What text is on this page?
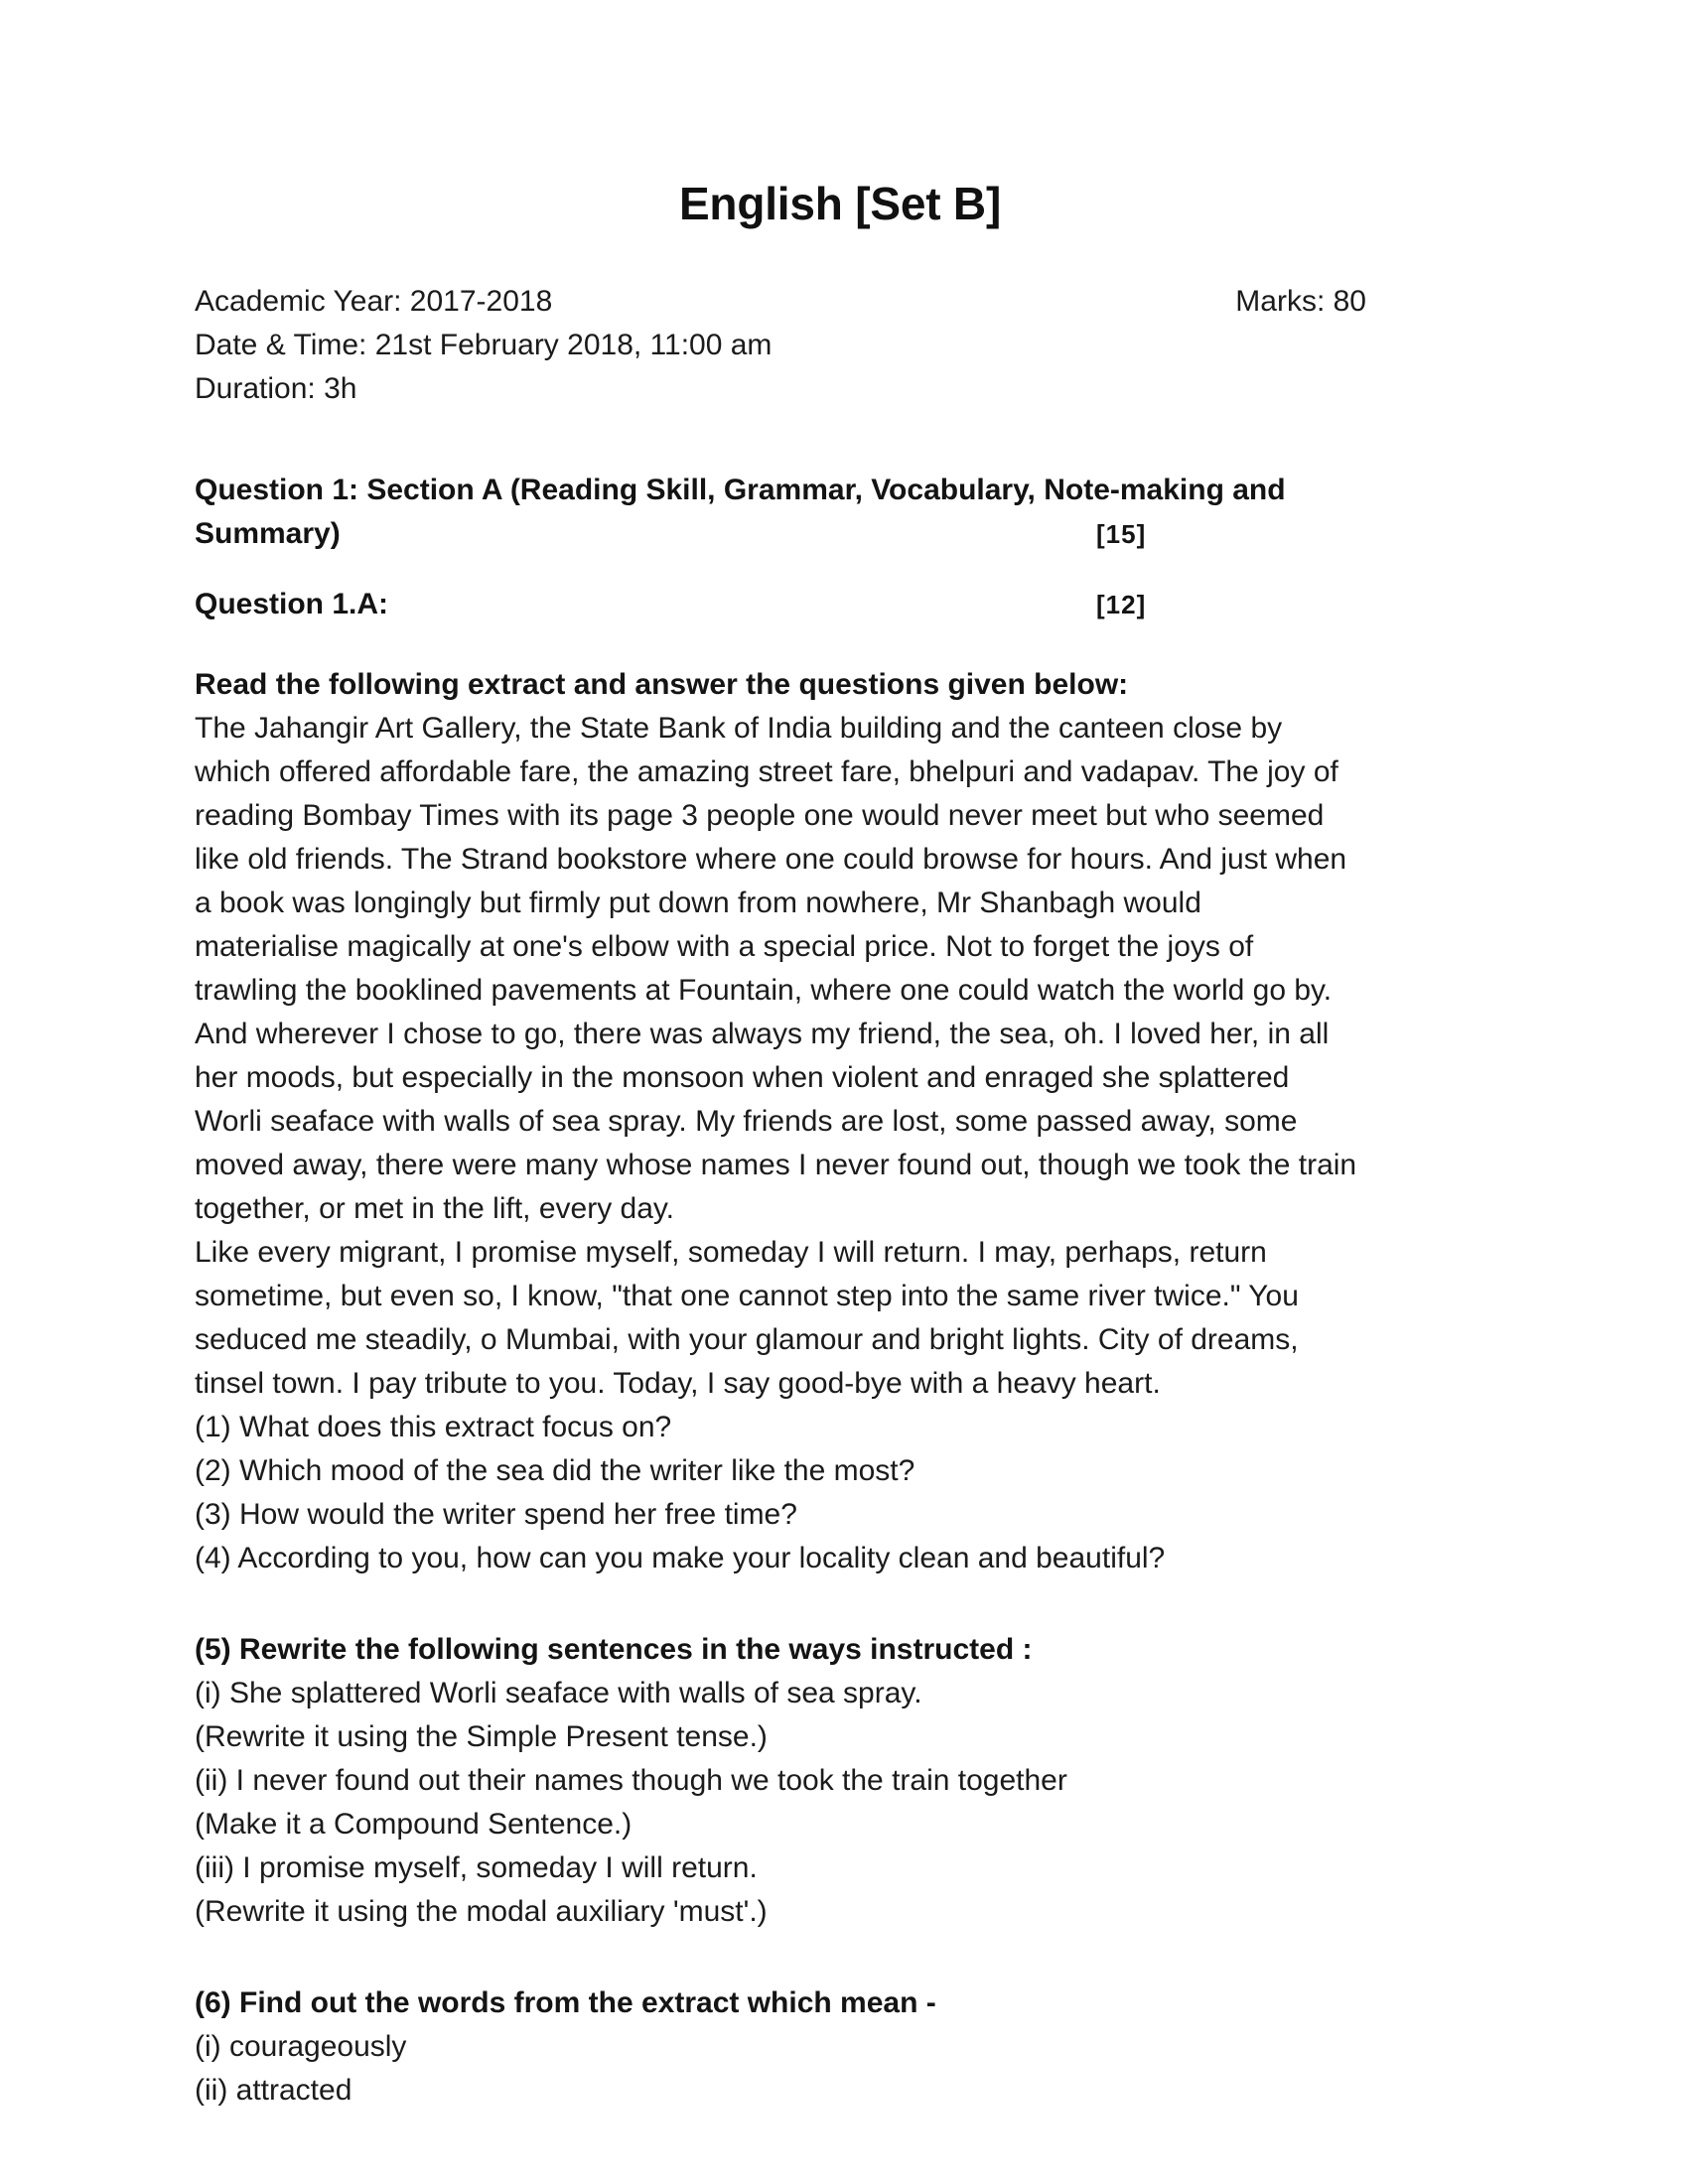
English [Set B]
Academic Year: 2017-2018	Marks: 80
Date & Time: 21st February 2018, 11:00 am
Duration: 3h
Question 1: Section A (Reading Skill, Grammar, Vocabulary, Note-making and
Summary)	[15]
Question 1.A:	[12]
Read the following extract and answer the questions given below:
The Jahangir Art Gallery, the State Bank of India building and the canteen close by
which offered affordable fare, the amazing street fare, bhelpuri and vadapav. The joy of
reading Bombay Times with its page 3 people one would never meet but who seemed
like old friends. The Strand bookstore where one could browse for hours. And just when
a book was longingly but firmly put down from nowhere, Mr Shanbagh would
materialise magically at one's elbow with a special price. Not to forget the joys of
trawling the booklined pavements at Fountain, where one could watch the world go by.
And wherever I chose to go, there was always my friend, the sea, oh. I loved her, in all
her moods, but especially in the monsoon when violent and enraged she splattered
Worli seaface with walls of sea spray. My friends are lost, some passed away, some
moved away, there were many whose names I never found out, though we took the train
together, or met in the lift, every day.
Like every migrant, I promise myself, someday I will return. I may, perhaps, return
sometime, but even so, I know, "that one cannot step into the same river twice." You
seduced me steadily, o Mumbai, with your glamour and bright lights. City of dreams,
tinsel town. I pay tribute to you. Today, I say good-bye with a heavy heart.
(1) What does this extract focus on?
(2) Which mood of the sea did the writer like the most?
(3) How would the writer spend her free time?
(4) According to you, how can you make your locality clean and beautiful?
(5) Rewrite the following sentences in the ways instructed :
(i) She splattered Worli seaface with walls of sea spray.
(Rewrite it using the Simple Present tense.)
(ii) I never found out their names though we took the train together
(Make it a Compound Sentence.)
(iii) I promise myself, someday I will return.
(Rewrite it using the modal auxiliary 'must'.)
(6) Find out the words from the extract which mean -
(i) courageously
(ii) attracted
